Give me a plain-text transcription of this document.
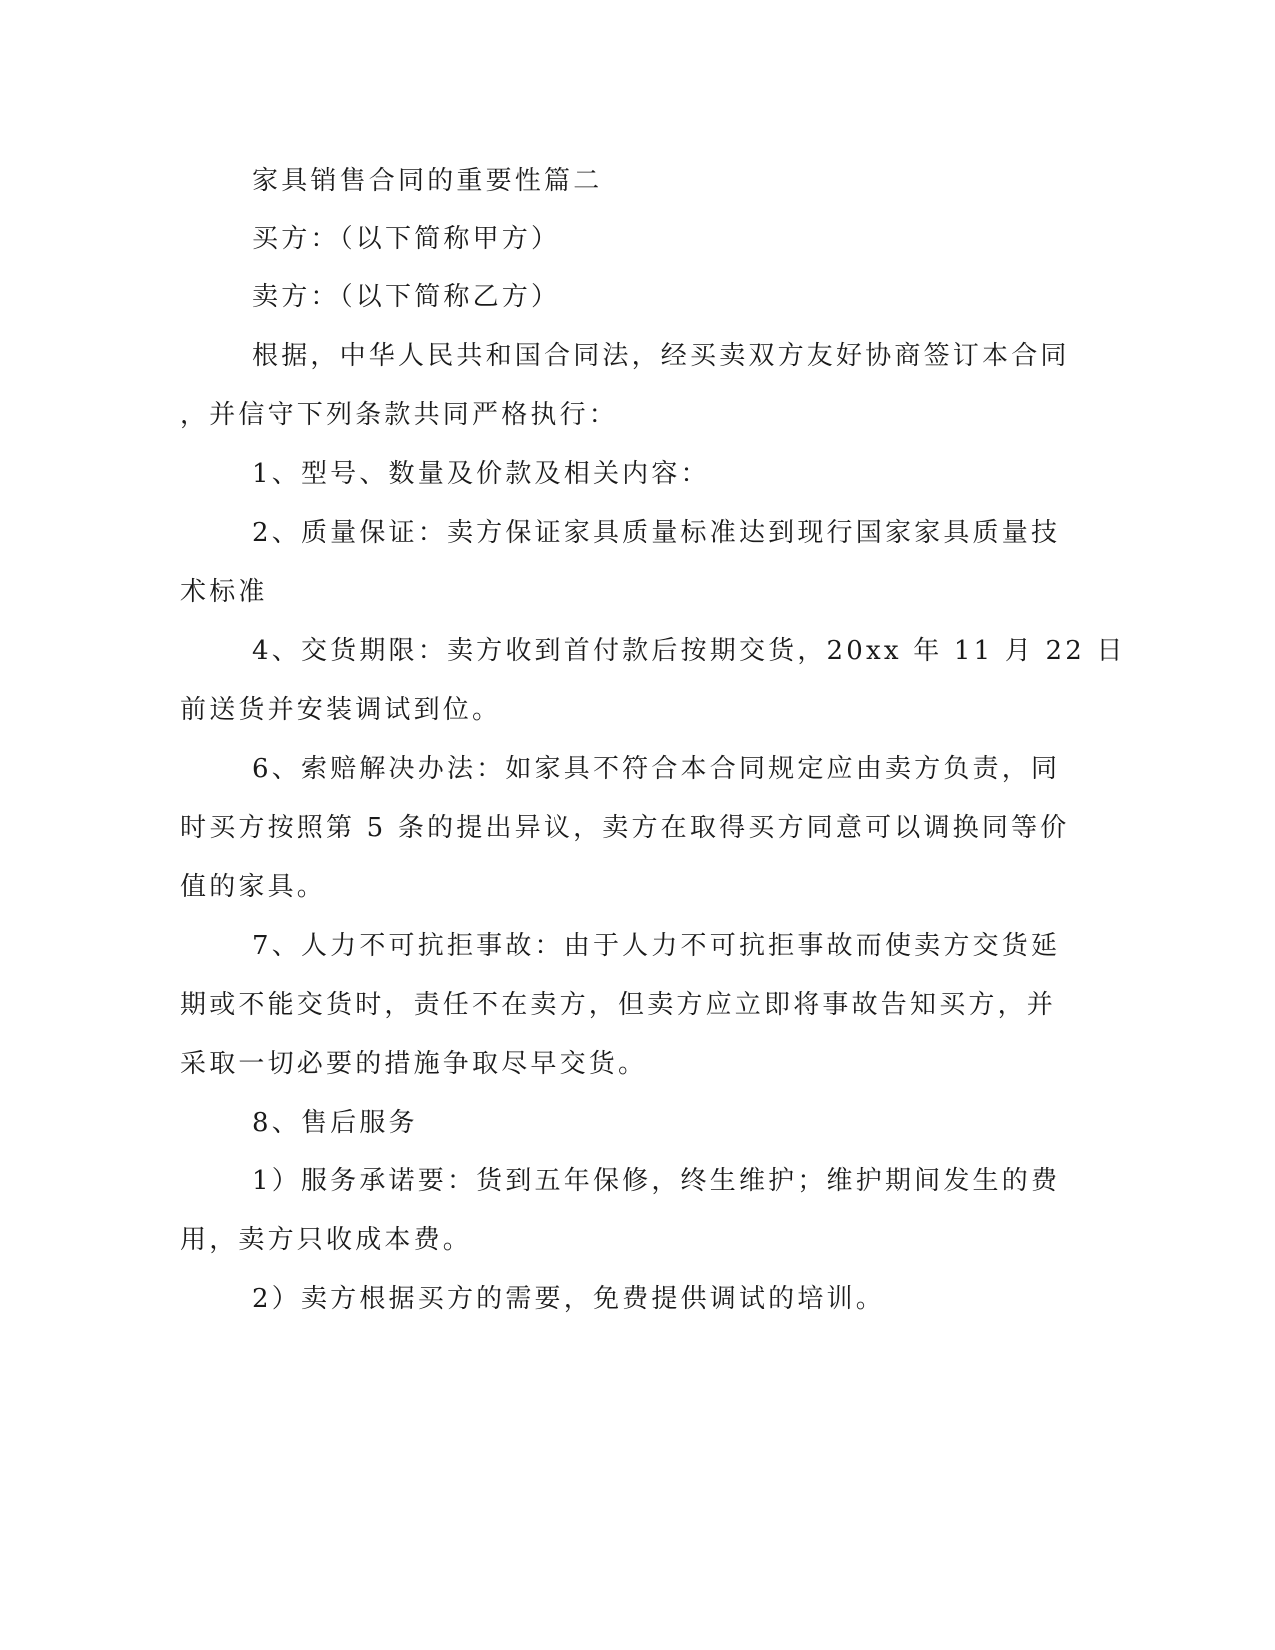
家具销售合同的重要性篇二
买方：（以下简称甲方）
卖方：（以下简称乙方）
根据，中华人民共和国合同法，经买卖双方友好协商签订本合同
，并信守下列条款共同严格执行：
1、型号、数量及价款及相关内容：
2、质量保证：卖方保证家具质量标准达到现行国家家具质量技
术标准
4、交货期限：卖方收到首付款后按期交货，20xx 年 11 月 22 日
前送货并安装调试到位。
6、索赔解决办法：如家具不符合本合同规定应由卖方负责，同
时买方按照第 5 条的提出异议，卖方在取得买方同意可以调换同等价
值的家具。
7、人力不可抗拒事故：由于人力不可抗拒事故而使卖方交货延
期或不能交货时，责任不在卖方，但卖方应立即将事故告知买方，并
采取一切必要的措施争取尽早交货。
8、售后服务
1）服务承诺要：货到五年保修，终生维护；维护期间发生的费
用，卖方只收成本费。
2）卖方根据买方的需要，免费提供调试的培训。
